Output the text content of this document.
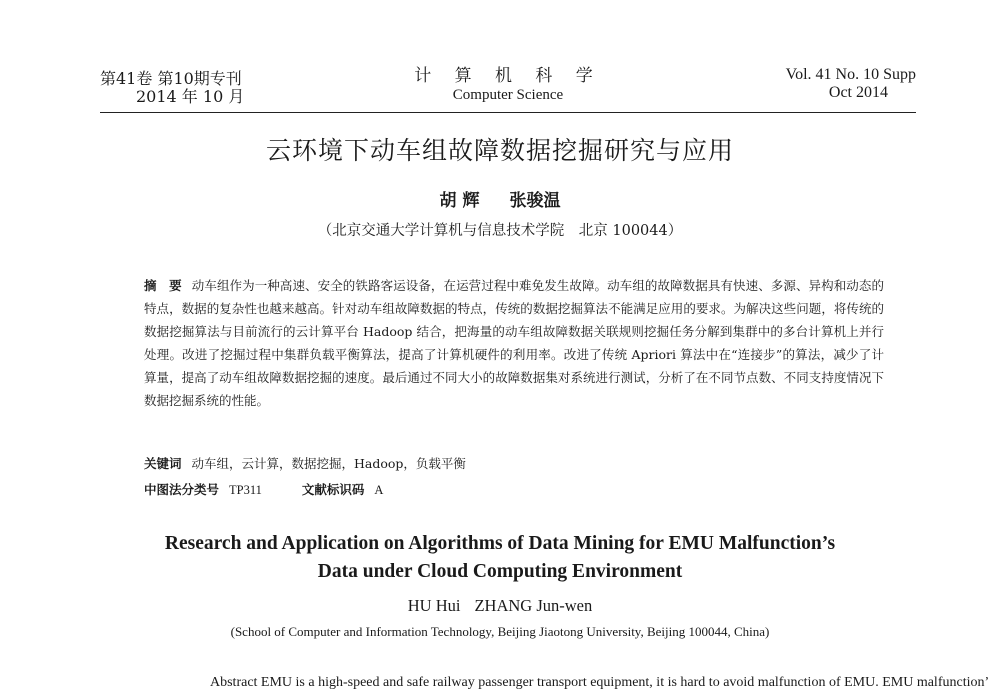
第41卷 第10期专刊
2014 年 10 月
计 算 机 科 学
Computer Science
Vol. 41 No. 10 Supp
Oct 2014
云环境下动车组故障数据挖掘研究与应用
胡 辉 张骏温
（北京交通大学计算机与信息技术学院　北京 100044）
摘　要 动车组作为一种高速、安全的铁路客运设备，在运营过程中难免发生故障。动车组的故障数据具有快速、多源、异构和动态的特点，数据的复杂性也越来越高。针对动车组故障数据的特点，传统的数据挖掘算法不能满足应用的要求。为解决这些问题，将传统的数据挖掘算法与目前流行的云计算平台 Hadoop 结合，把海量的动车组故障数据关联规则挖掘任务分解到集群中的多台计算机上并行处理。改进了挖掘过程中集群负载平衡算法，提高了计算机硬件的利用率。改进了传统 Apriori 算法中在“连接步”的算法，减少了计算量，提高了动车组故障数据挖掘的速度。最后通过不同大小的故障数据集对系统进行测试，分析了在不同节点数、不同支持度情况下数据挖掘系统的性能。
关键词 动车组，云计算，数据挖掘，Hadoop，负载平衡
中图法分类号 TP311	文献标识码 A
Research and Application on Algorithms of Data Mining for EMU Malfunction’s
Data under Cloud Computing Environment
HU Hui ZHANG Jun-wen
(School of Computer and Information Technology, Beijing Jiaotong University, Beijing 100044, China)
Abstract EMU is a high-speed and safe railway passenger transport equipment, it is hard to avoid malfunction of EMU. EMU malfunction’
